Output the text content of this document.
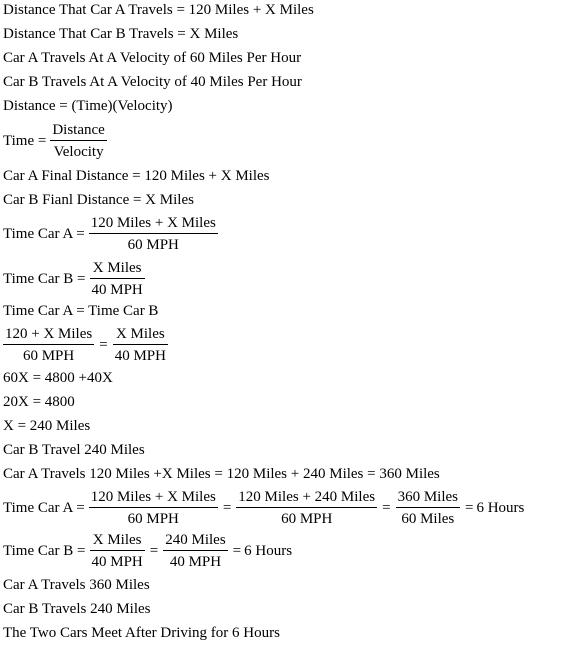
Distance That Car A Travels = 120 Miles + X Miles
Distance That Car B Travels = X Miles
Car A Travels At A Velocity of 60 Miles Per Hour
Car B Travels At A Velocity of 40 Miles Per Hour
Distance = (Time)(Velocity)
Time = $\frac{\text{Distance}}{\text{Velocity}}$
Car A Final Distance = 120 Miles + X Miles
Car B Fianl Distance = X Miles
Time Car $A = \frac{\text{120 Miles + X Miles}}{\text{60 MPH}}$
Time Car $B = \frac{\text{X Miles}}{\text{40 MPH}}$
Time Car A = Time Car B
$\frac{\text{120 + X Miles}}{\text{60 MPH}} = \frac{\text{X Miles}}{\text{40 MPH}}$
60X = 4800 +40X
20X = 4800
X = 240 Miles
Car B Travel 240 Miles
Car A Travels 120 Miles +X Miles = 120 Miles + 240 Miles = 360 Miles
Time Car $A = \frac{\text{120 Miles + X Miles}}{\text{60 MPH}} = \frac{\text{120 Miles + 240 Miles}}{\text{60 MPH}} = \frac{\text{360 Miles}}{\text{60 Miles}} = 6$ Hours
Time Car $B = \frac{\text{X Miles}}{\text{40 MPH}} = \frac{\text{240 Miles}}{\text{40 MPH}} = 6$ Hours
Car A Travels 360 Miles
Car B Travels 240 Miles
The Two Cars Meet After Driving for 6 Hours
